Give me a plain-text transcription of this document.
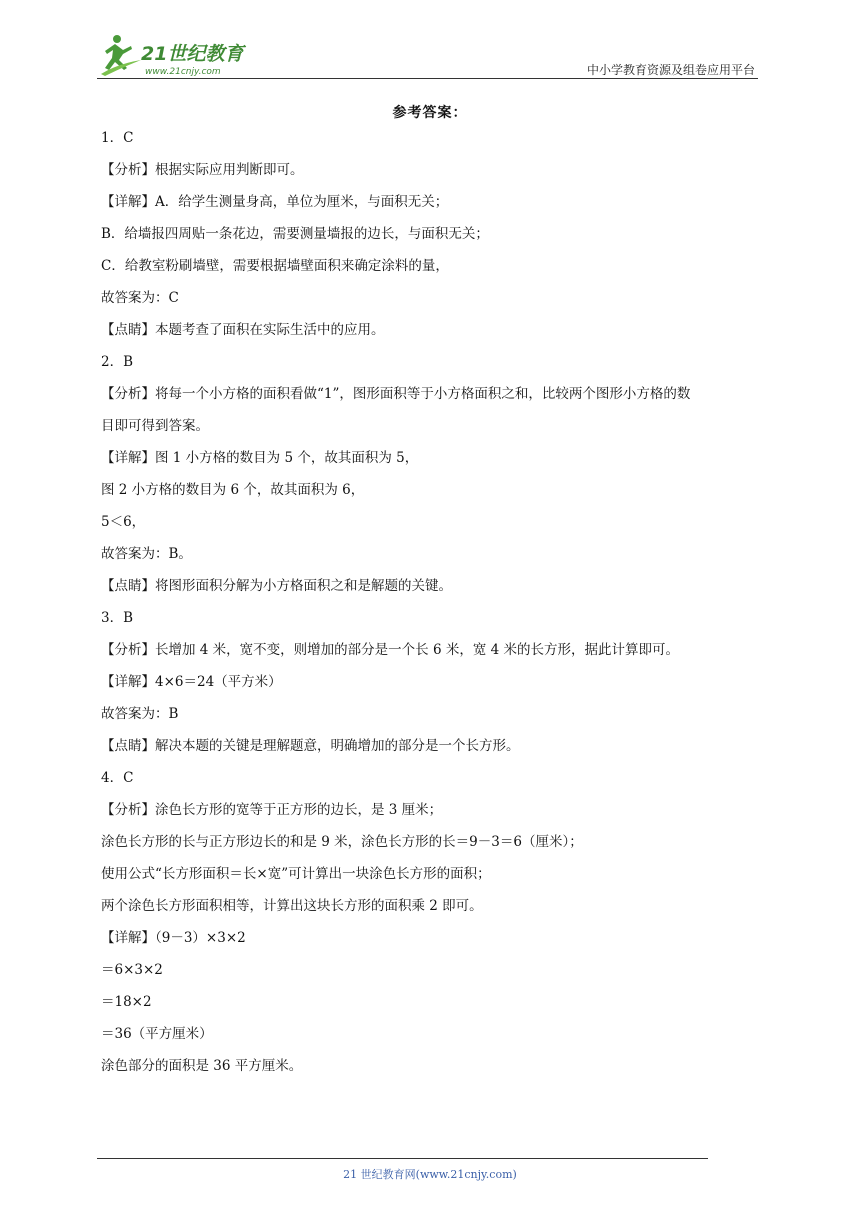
21世纪教育
www.21cnjy.com	中小学教育资源及组卷应用平台
参考答案：
1．C
【分析】根据实际应用判断即可。
【详解】A．给学生测量身高，单位为厘米，与面积无关；
B．给墙报四周贴一条花边，需要测量墙报的边长，与面积无关；
C．给教室粉刷墙壁，需要根据墙壁面积来确定涂料的量，
故答案为：C
【点睛】本题考查了面积在实际生活中的应用。
2．B
【分析】将每一个小方格的面积看做“1”，图形面积等于小方格面积之和，比较两个图形小方格的数
目即可得到答案。
【详解】图 1 小方格的数目为 5 个，故其面积为 5，
图 2 小方格的数目为 6 个，故其面积为 6，
5＜6，
故答案为：B。
【点睛】将图形面积分解为小方格面积之和是解题的关键。
3．B
【分析】长增加 4 米，宽不变，则增加的部分是一个长 6 米，宽 4 米的长方形，据此计算即可。
【详解】4×6＝24（平方米）
故答案为：B
【点睛】解决本题的关键是理解题意，明确增加的部分是一个长方形。
4．C
【分析】涂色长方形的宽等于正方形的边长，是 3 厘米；
涂色长方形的长与正方形边长的和是 9 米，涂色长方形的长＝9－3＝6（厘米）；
使用公式“长方形面积＝长×宽”可计算出一块涂色长方形的面积；
两个涂色长方形面积相等，计算出这块长方形的面积乘 2 即可。
【详解】（9－3）×3×2
＝6×3×2
＝18×2
＝36（平方厘米）
涂色部分的面积是 36 平方厘米。
21 世纪教育网(www.21cnjy.com)
